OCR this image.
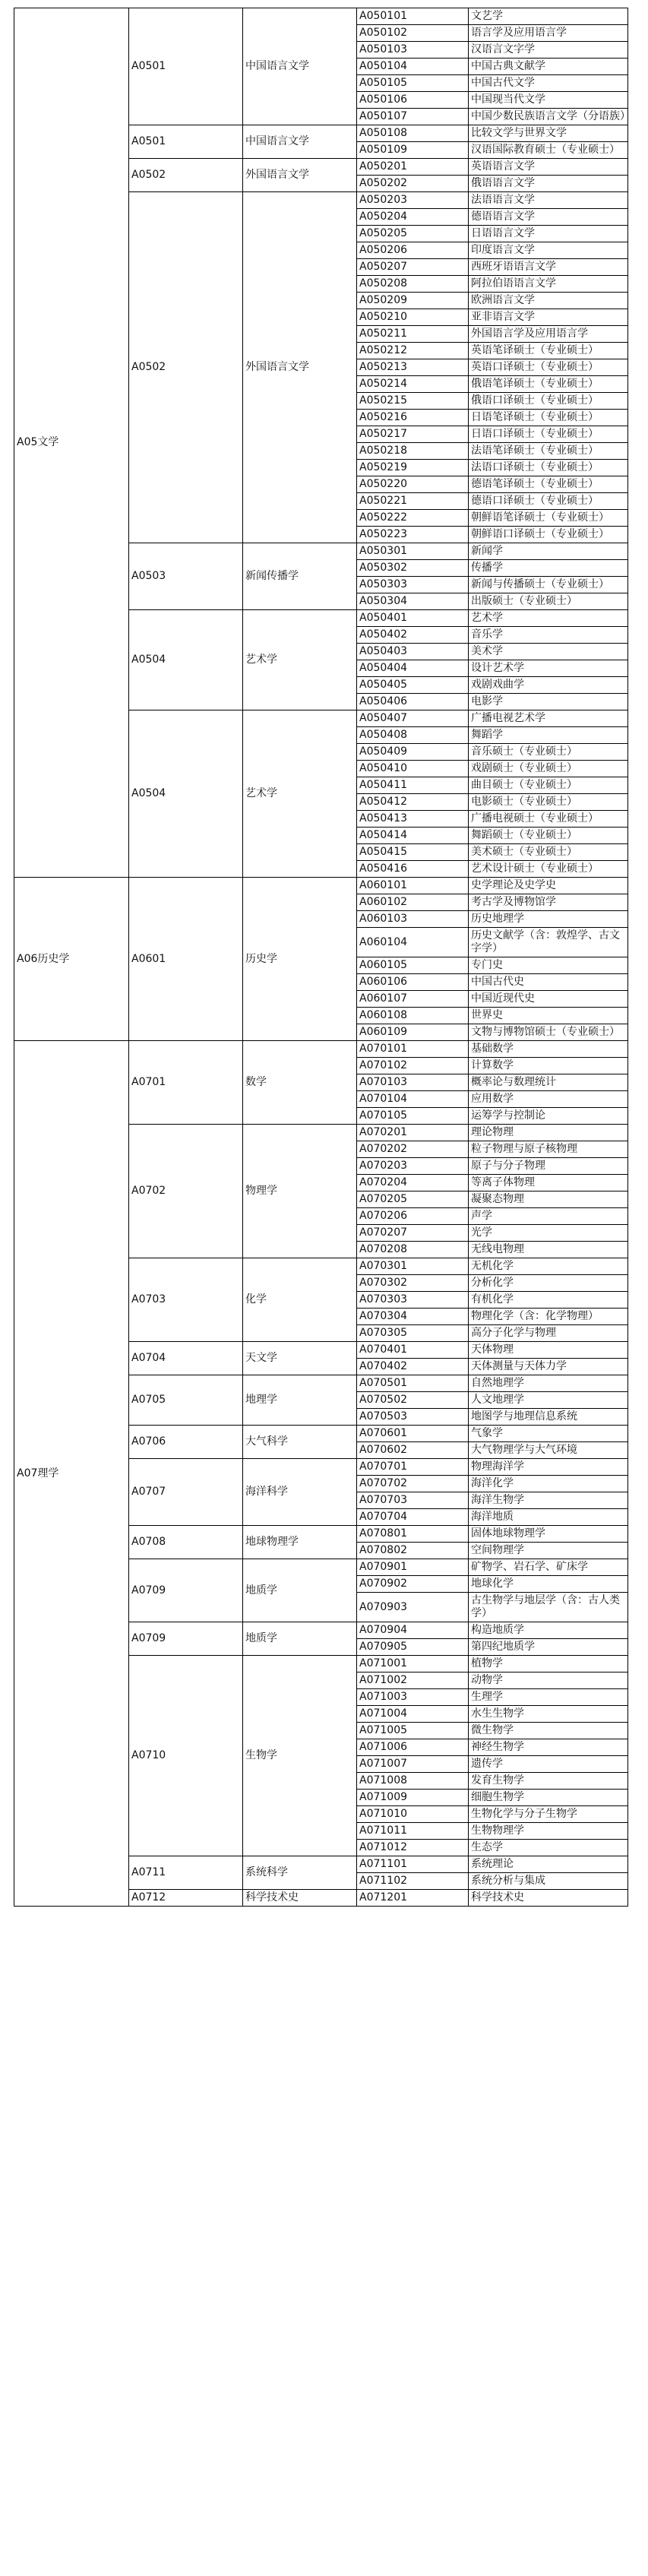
A05文学	A0501	中国语言文学	A050101	文艺学
			A050102	语言学及应用语言学
			A050103	汉语言文字学
			A050104	中国古典文献学
			A050105	中国古代文学
			A050106	中国现当代文学
			A050107	中国少数民族语言文学（分语族）
	A0501	中国语言文学	A050108	比较文学与世界文学
			A050109	汉语国际教育硕士（专业硕士）
	A0502	外国语言文学	A050201	英语语言文学
			A050202	俄语语言文学
	A0502	外国语言文学	A050203	法语语言文学
			A050204	德语语言文学
			A050205	日语语言文学
			A050206	印度语言文学
			A050207	西班牙语语言文学
			A050208	阿拉伯语语言文学
			A050209	欧洲语言文学
			A050210	亚非语言文学
			A050211	外国语言学及应用语言学
			A050212	英语笔译硕士（专业硕士）
			A050213	英语口译硕士（专业硕士）
			A050214	俄语笔译硕士（专业硕士）
			A050215	俄语口译硕士（专业硕士）
			A050216	日语笔译硕士（专业硕士）
			A050217	日语口译硕士（专业硕士）
			A050218	法语笔译硕士（专业硕士）
			A050219	法语口译硕士（专业硕士）
			A050220	德语笔译硕士（专业硕士）
			A050221	德语口译硕士（专业硕士）
			A050222	朝鲜语笔译硕士（专业硕士）
			A050223	朝鲜语口译硕士（专业硕士）
	A0503	新闻传播学	A050301	新闻学
			A050302	传播学
			A050303	新闻与传播硕士（专业硕士）
			A050304	出版硕士（专业硕士）
	A0504	艺术学	A050401	艺术学
			A050402	音乐学
			A050403	美术学
			A050404	设计艺术学
			A050405	戏剧戏曲学
			A050406	电影学
	A0504	艺术学	A050407	广播电视艺术学
			A050408	舞蹈学
			A050409	音乐硕士（专业硕士）
			A050410	戏剧硕士（专业硕士）
			A050411	曲目硕士（专业硕士）
			A050412	电影硕士（专业硕士）
			A050413	广播电视硕士（专业硕士）
			A050414	舞蹈硕士（专业硕士）
			A050415	美术硕士（专业硕士）
			A050416	艺术设计硕士（专业硕士）
A06历史学	A0601	历史学	A060101	史学理论及史学史
			A060102	考古学及博物馆学
			A060103	历史地理学
			A060104	历史文献学（含：敦煌学、古文字学）
			A060105	专门史
			A060106	中国古代史
			A060107	中国近现代史
			A060108	世界史
			A060109	文物与博物馆硕士（专业硕士）
A07理学	A0701	数学	A070101	基础数学
			A070102	计算数学
			A070103	概率论与数理统计
			A070104	应用数学
			A070105	运筹学与控制论
	A0702	物理学	A070201	理论物理
			A070202	粒子物理与原子核物理
			A070203	原子与分子物理
			A070204	等离子体物理
			A070205	凝聚态物理
			A070206	声学
			A070207	光学
			A070208	无线电物理
	A0703	化学	A070301	无机化学
			A070302	分析化学
			A070303	有机化学
			A070304	物理化学（含：化学物理）
			A070305	高分子化学与物理
	A0704	天文学	A070401	天体物理
			A070402	天体测量与天体力学
	A0705	地理学	A070501	自然地理学
			A070502	人文地理学
			A070503	地图学与地理信息系统
	A0706	大气科学	A070601	气象学
			A070602	大气物理学与大气环境
	A0707	海洋科学	A070701	物理海洋学
			A070702	海洋化学
			A070703	海洋生物学
			A070704	海洋地质
	A0708	地球物理学	A070801	固体地球物理学
			A070802	空间物理学
	A0709	地质学	A070901	矿物学、岩石学、矿床学
			A070902	地球化学
			A070903	古生物学与地层学（含：古人类学）
	A0709	地质学	A070904	构造地质学
			A070905	第四纪地质学
	A0710	生物学	A071001	植物学
			A071002	动物学
			A071003	生理学
			A071004	水生生物学
			A071005	微生物学
			A071006	神经生物学
			A071007	遗传学
			A071008	发育生物学
			A071009	细胞生物学
			A071010	生物化学与分子生物学
			A071011	生物物理学
			A071012	生态学
	A0711	系统科学	A071101	系统理论
			A071102	系统分析与集成
	A0712	科学技术史	A071201	科学技术史
